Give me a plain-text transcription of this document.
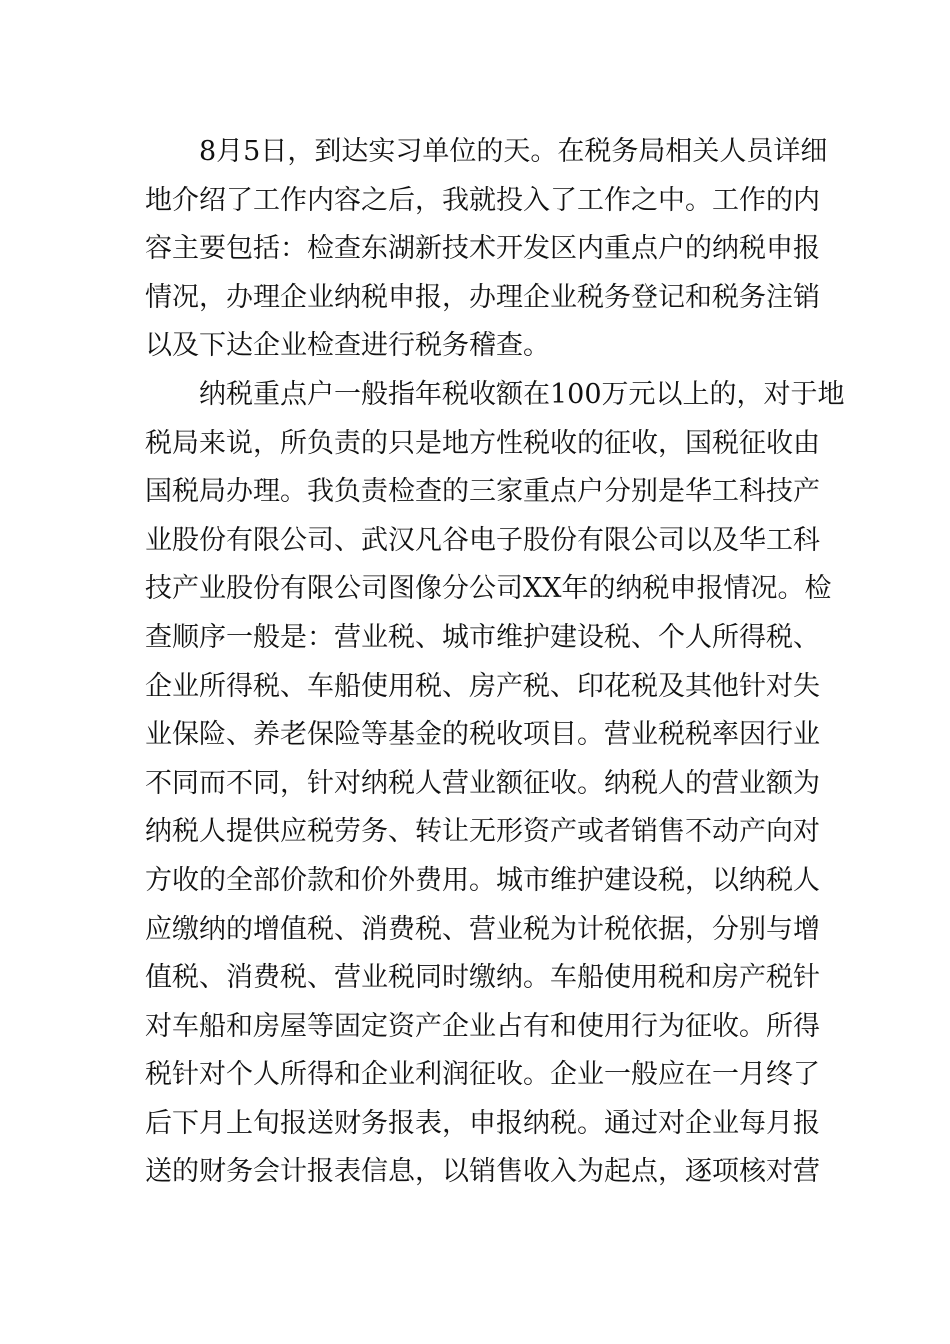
　　8月5日，到达实习单位的天。在税务局相关人员详细
地介绍了工作内容之后，我就投入了工作之中。工作的内
容主要包括：检查东湖新技术开发区内重点户的纳税申报
情况，办理企业纳税申报，办理企业税务登记和税务注销
以及下达企业检查进行税务稽查。
　　纳税重点户一般指年税收额在100万元以上的，对于地
税局来说，所负责的只是地方性税收的征收，国税征收由
国税局办理。我负责检查的三家重点户分别是华工科技产
业股份有限公司、武汉凡谷电子股份有限公司以及华工科
技产业股份有限公司图像分公司XX年的纳税申报情况。检
查顺序一般是：营业税、城市维护建设税、个人所得税、
企业所得税、车船使用税、房产税、印花税及其他针对失
业保险、养老保险等基金的税收项目。营业税税率因行业
不同而不同，针对纳税人营业额征收。纳税人的营业额为
纳税人提供应税劳务、转让无形资产或者销售不动产向对
方收的全部价款和价外费用。城市维护建设税，以纳税人
应缴纳的增值税、消费税、营业税为计税依据，分别与增
值税、消费税、营业税同时缴纳。车船使用税和房产税针
对车船和房屋等固定资产企业占有和使用行为征收。所得
税针对个人所得和企业利润征收。企业一般应在一月终了
后下月上旬报送财务报表，申报纳税。通过对企业每月报
送的财务会计报表信息，以销售收入为起点，逐项核对营
